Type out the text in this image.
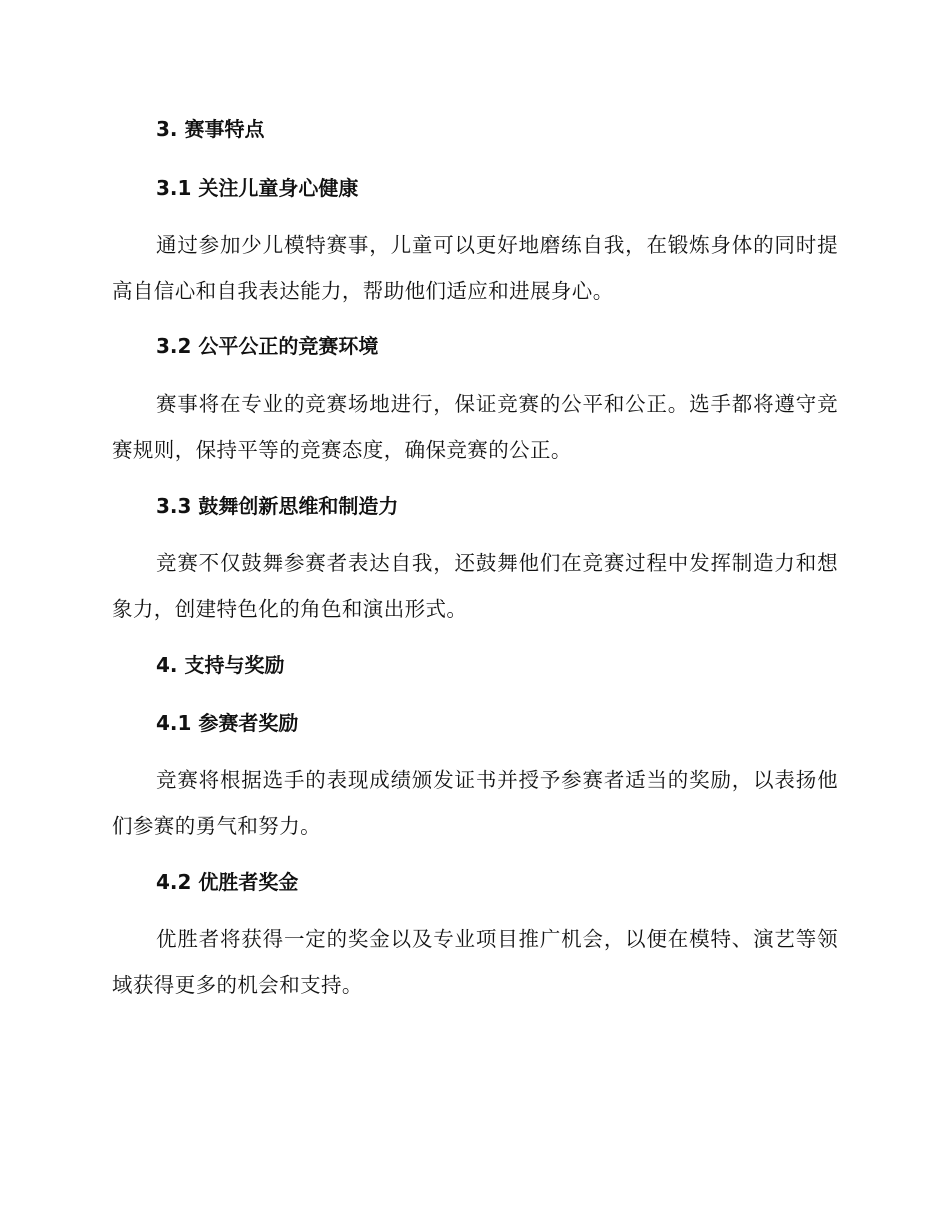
3. 赛事特点
3.1 关注儿童身心健康

通过参加少儿模特赛事，儿童可以更好地磨练自我，在锻炼身体的同时提高自信心和自我表达能力，帮助他们适应和进展身心。

3.2 公平公正的竞赛环境

赛事将在专业的竞赛场地进行，保证竞赛的公平和公正。选手都将遵守竞赛规则，保持平等的竞赛态度，确保竞赛的公正。

3.3 鼓舞创新思维和制造力

竞赛不仅鼓舞参赛者表达自我，还鼓舞他们在竞赛过程中发挥制造力和想象力，创建特色化的角色和演出形式。

4. 支持与奖励
4.1 参赛者奖励

竞赛将根据选手的表现成绩颁发证书并授予参赛者适当的奖励，以表扬他们参赛的勇气和努力。

4.2 优胜者奖金

优胜者将获得一定的奖金以及专业项目推广机会，以便在模特、演艺等领域获得更多的机会和支持。
